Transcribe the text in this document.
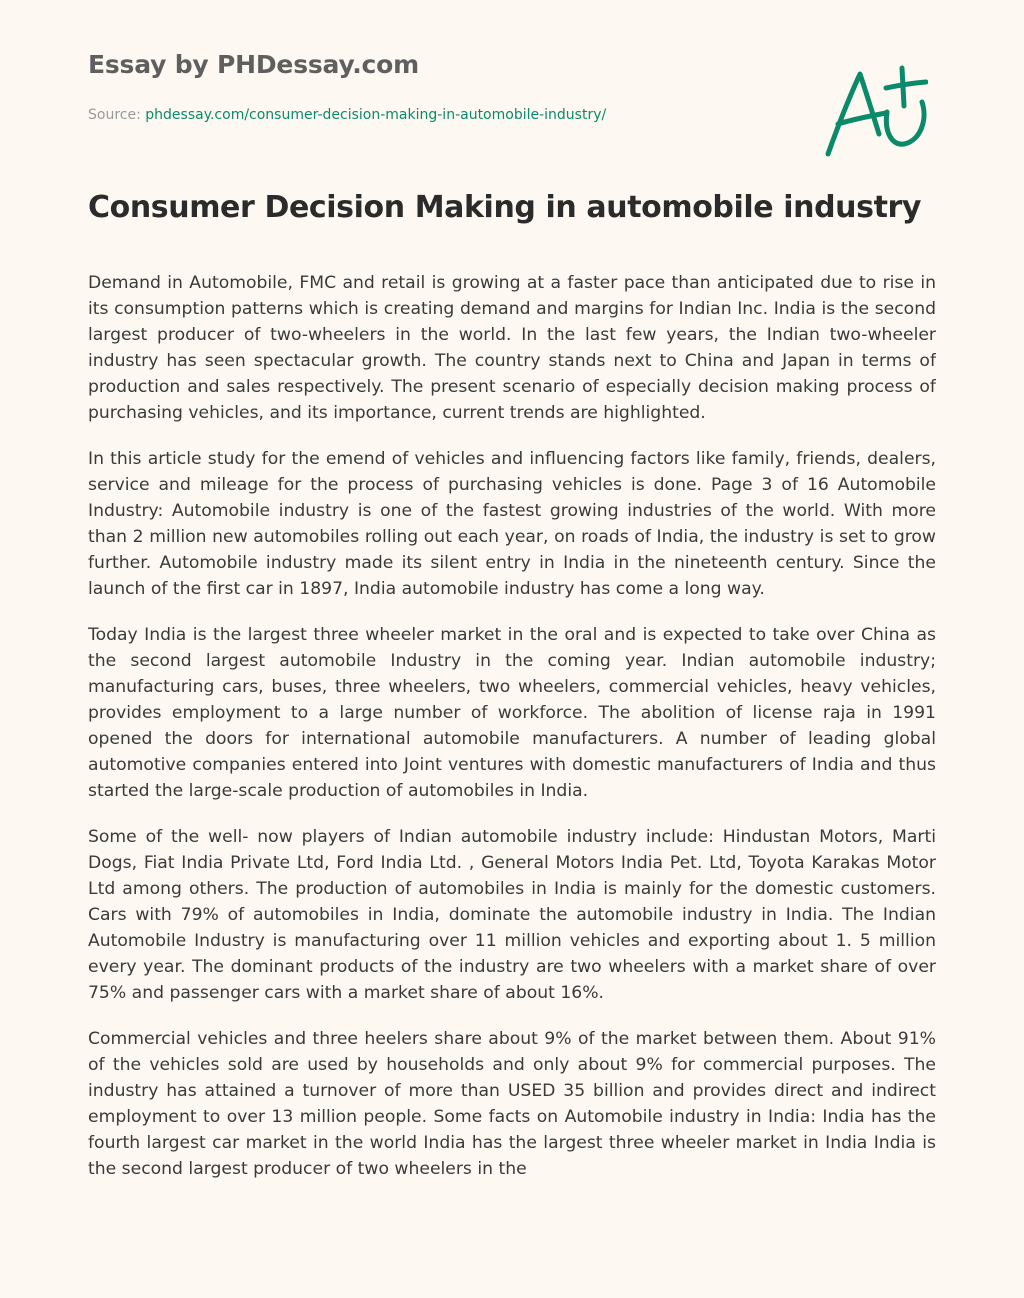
Essay by PHDessay.com
Source: phdessay.com/consumer-decision-making-in-automobile-industry/
Consumer Decision Making in automobile industry

Demand in Automobile, FMC and retail is growing at a faster pace than anticipated due to rise in its consumption patterns which is creating demand and margins for Indian Inc. India is the second largest producer of two-wheelers in the world. In the last few years, the Indian two-wheeler industry has seen spectacular growth. The country stands next to China and Japan in terms of production and sales respectively. The present scenario of especially decision making process of purchasing vehicles, and its importance, current trends are highlighted.

In this article study for the emend of vehicles and influencing factors like family, friends, dealers, service and mileage for the process of purchasing vehicles is done. Page 3 of 16 Automobile Industry: Automobile industry is one of the fastest growing industries of the world. With more than 2 million new automobiles rolling out each year, on roads of India, the industry is set to grow further. Automobile industry made its silent entry in India in the nineteenth century. Since the launch of the first car in 1897, India automobile industry has come a long way.

Today India is the largest three wheeler market in the oral and is expected to take over China as the second largest automobile Industry in the coming year. Indian automobile industry; manufacturing cars, buses, three wheelers, two wheelers, commercial vehicles, heavy vehicles, provides employment to a large number of workforce. The abolition of license raja in 1991 opened the doors for international automobile manufacturers. A number of leading global automotive companies entered into Joint ventures with domestic manufacturers of India and thus started the large-scale production of automobiles in India.

Some of the well- now players of Indian automobile industry include: Hindustan Motors, Marti Dogs, Fiat India Private Ltd, Ford India Ltd. , General Motors India Pet. Ltd, Toyota Karakas Motor Ltd among others. The production of automobiles in India is mainly for the domestic customers. Cars with 79% of automobiles in India, dominate the automobile industry in India. The Indian Automobile Industry is manufacturing over 11 million vehicles and exporting about 1. 5 million every year. The dominant products of the industry are two wheelers with a market share of over 75% and passenger cars with a market share of about 16%.

Commercial vehicles and three heelers share about 9% of the market between them. About 91% of the vehicles sold are used by households and only about 9% for commercial purposes. The industry has attained a turnover of more than USED 35 billion and provides direct and indirect employment to over 13 million people. Some facts on Automobile industry in India: India has the fourth largest car market in the world India has the largest three wheeler market in India India is the second largest producer of two wheelers in the
